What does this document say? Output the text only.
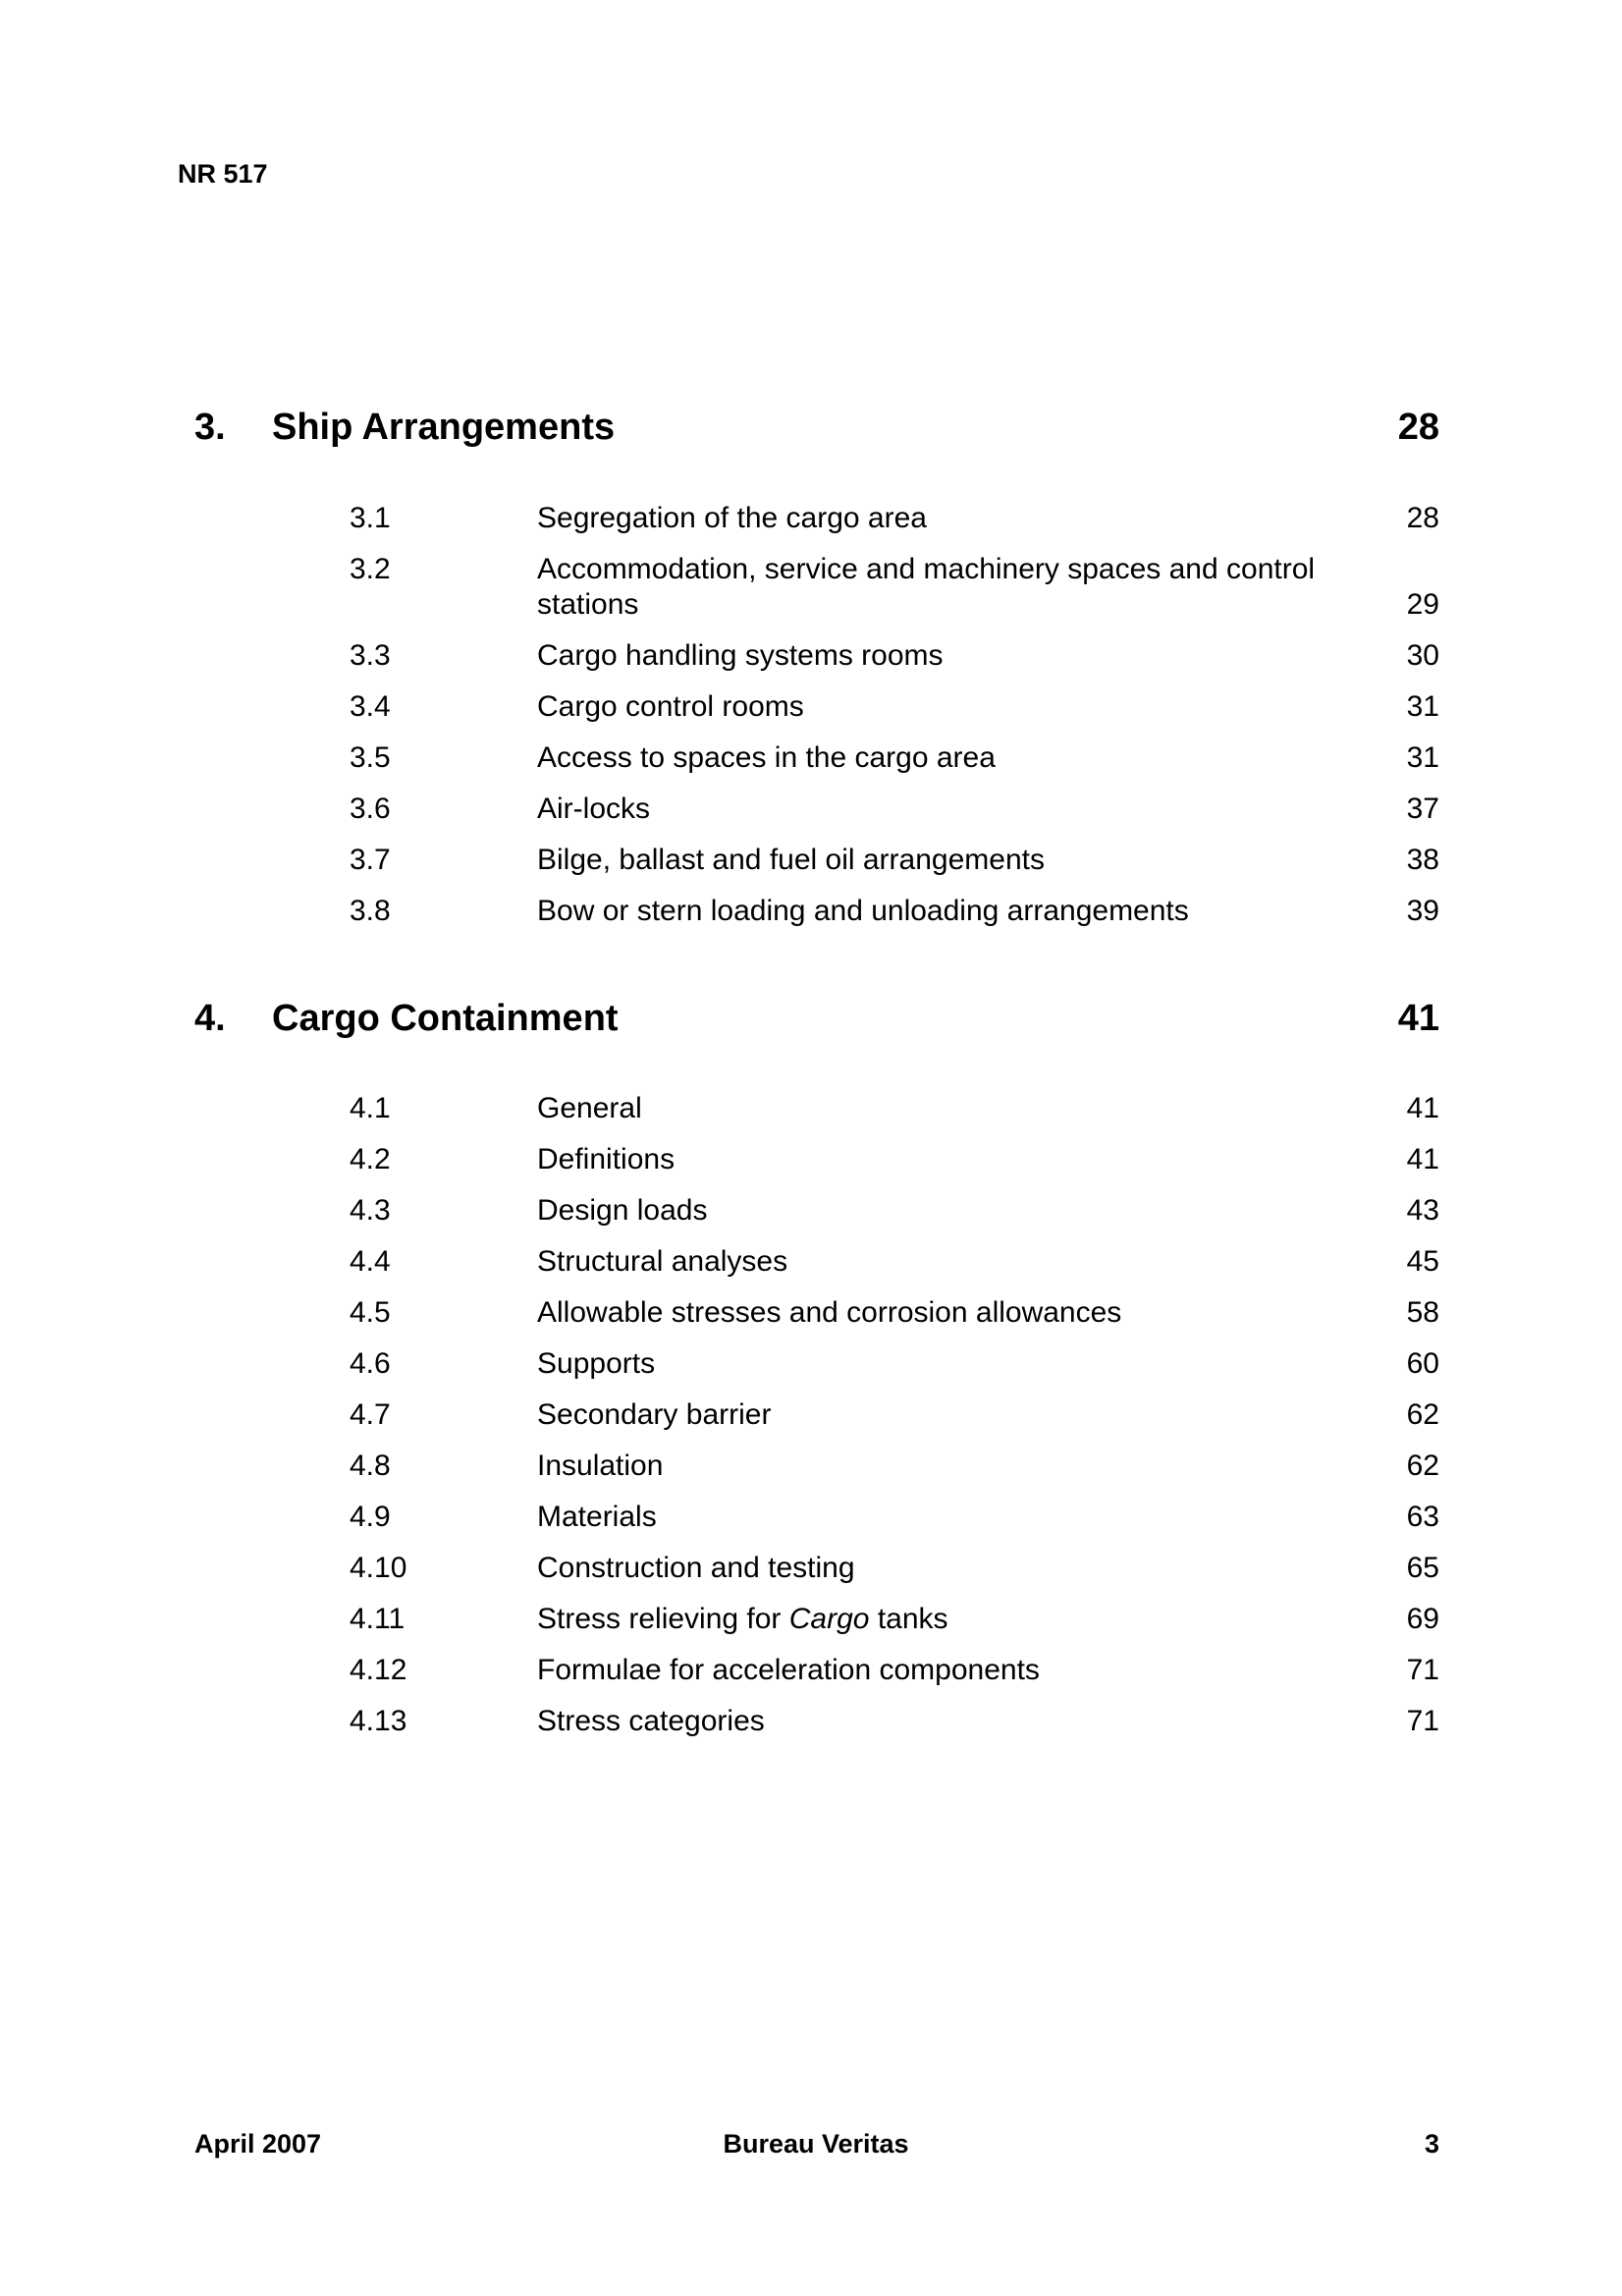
NR 517
3. Ship Arrangements	28
3.1	Segregation of the cargo area	28
3.2	Accommodation, service and machinery spaces and control stations	29
3.3	Cargo handling systems rooms	30
3.4	Cargo control rooms	31
3.5	Access to spaces in the cargo area	31
3.6	Air-locks	37
3.7	Bilge, ballast and fuel oil arrangements	38
3.8	Bow or stern loading and unloading arrangements	39
4. Cargo Containment	41
4.1	General	41
4.2	Definitions	41
4.3	Design loads	43
4.4	Structural analyses	45
4.5	Allowable stresses and corrosion allowances	58
4.6	Supports	60
4.7	Secondary barrier	62
4.8	Insulation	62
4.9	Materials	63
4.10	Construction and testing	65
4.11	Stress relieving for Cargo tanks	69
4.12	Formulae for acceleration components	71
4.13	Stress categories	71
April 2007	Bureau Veritas	3
